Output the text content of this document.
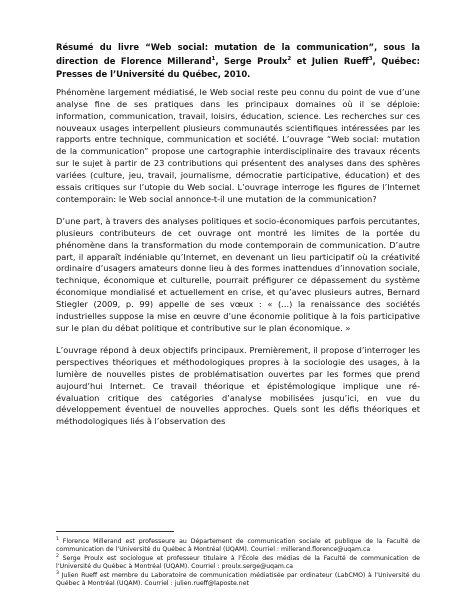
Résumé du livre “Web social: mutation de la communication”, sous la direction de Florence Millerand$^1$, Serge Proulx$^2$ et Julien Rueff$^3$, Québec: Presses de l’Université du Québec, 2010.

Phénomène largement médiatisé, le Web social reste peu connu du point de vue d’une analyse fine de ses pratiques dans les principaux domaines où il se déploie: information, communication, travail, loisirs, éducation, science. Les recherches sur ces nouveaux usages interpellent plusieurs communautés scientifiques intéressées par les rapports entre technique, communication et société. L’ouvrage “Web social: mutation de la communication” propose une cartographie interdisciplinaire des travaux récents sur le sujet à partir de 23 contributions qui présentent des analyses dans des sphères variées (culture, jeu, travail, journalisme, démocratie participative, éducation) et des essais critiques sur l’utopie du Web social. L’ouvrage interroge les figures de l’Internet contemporain: le Web social annonce-t-il une mutation de la communication?

D’une part, à travers des analyses politiques et socio-économiques parfois percutantes, plusieurs contributeurs de cet ouvrage ont montré les limites de la portée du phénomène dans la transformation du mode contemporain de communication. D’autre part, il apparaît indéniable qu’Internet, en devenant un lieu participatif où la créativité ordinaire d’usagers amateurs donne lieu à des formes inattendues d’innovation sociale, technique, économique et culturelle, pourrait préfigurer ce dépassement du système économique mondialisé et actuellement en crise, et qu’avec plusieurs autres, Bernard Stiegler (2009, p. 99) appelle de ses vœux : « (...) la renaissance des sociétés industrielles suppose la mise en œuvre d’une économie politique à la fois participative sur le plan du débat politique et contributive sur le plan économique. »

L’ouvrage répond à deux objectifs principaux. Premièrement, il propose d’interroger les perspectives théoriques et méthodologiques propres à la sociologie des usages, à la lumière de nouvelles pistes de problématisation ouvertes par les formes que prend aujourd’hui Internet. Ce travail théorique et épistémologique implique une ré-évaluation critique des catégories d’analyse mobilisées jusqu’ici, en vue du développement éventuel de nouvelles approches. Quels sont les défis théoriques et méthodologiques liés à l’observation des

$^1$ Florence Millerand est professeure au Département de communication sociale et publique de la Faculté de communication de l’Université du Québec à Montréal (UQAM). Courriel : millerand.florence@uqam.ca

$^2$ Serge Proulx est sociologue et professeur titulaire à l’École des médias de la Faculté de communication de l’Université du Québec à Montréal (UQAM). Courriel : proulx.serge@uqam.ca

$^3$ Julien Rueff est membre du Laboratoire de communication médiatisée par ordinateur (LabCMO) à l’Université du Québec à Montréal (UQAM). Courriel : julien.rueff@laposte.net
